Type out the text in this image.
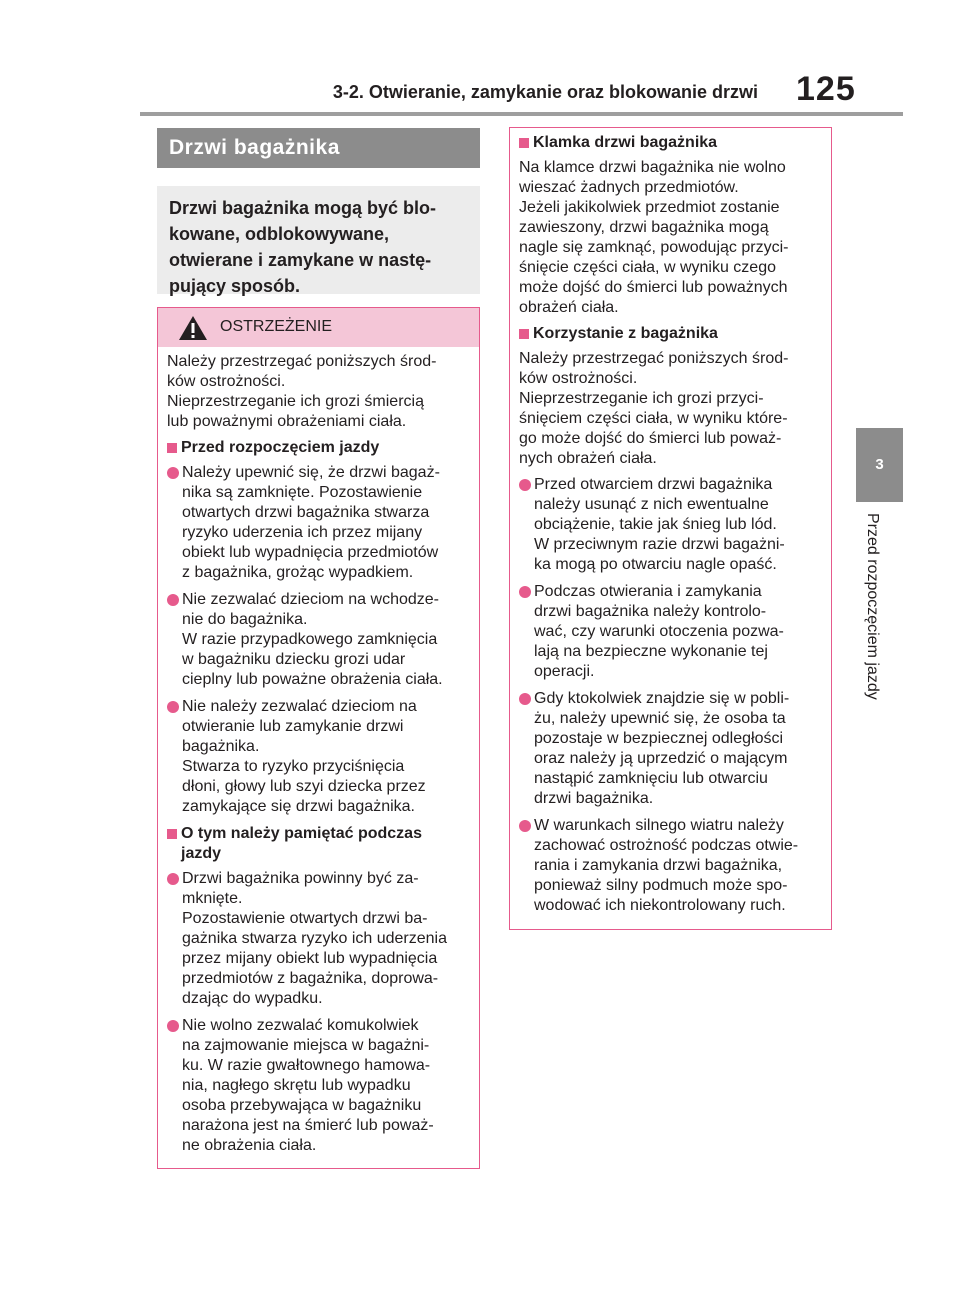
3-2. Otwieranie, zamykanie oraz blokowanie drzwi 125
3
Przed rozpoczęciem jazdy
Drzwi bagażnika
Drzwi bagażnika mogą być blo-
kowane, odblokowywane,
otwierane i zamykane w nastę-
pujący sposób.
OSTRZEŻENIE
Należy przestrzegać poniższych środ-
ków ostrożności.
Nieprzestrzeganie ich grozi śmiercią
lub poważnymi obrażeniami ciała.
Przed rozpoczęciem jazdy
Należy upewnić się, że drzwi bagaż-
nika są zamknięte. Pozostawienie
otwartych drzwi bagażnika stwarza
ryzyko uderzenia ich przez mijany
obiekt lub wypadnięcia przedmiotów
z bagażnika, grożąc wypadkiem.
Nie zezwalać dzieciom na wchodze-
nie do bagażnika.
W razie przypadkowego zamknięcia
w bagażniku dziecku grozi udar
cieplny lub poważne obrażenia ciała.
Nie należy zezwalać dzieciom na
otwieranie lub zamykanie drzwi
bagażnika.
Stwarza to ryzyko przyciśnięcia
dłoni, głowy lub szyi dziecka przez
zamykające się drzwi bagażnika.
O tym należy pamiętać podczas
jazdy
Drzwi bagażnika powinny być za-
mknięte.
Pozostawienie otwartych drzwi ba-
gażnika stwarza ryzyko ich uderzenia
przez mijany obiekt lub wypadnięcia
przedmiotów z bagażnika, doprowa-
dzając do wypadku.
Nie wolno zezwalać komukolwiek
na zajmowanie miejsca w bagażni-
ku. W razie gwałtownego hamowa-
nia, nagłego skrętu lub wypadku
osoba przebywająca w bagażniku
narażona jest na śmierć lub poważ-
ne obrażenia ciała.
Klamka drzwi bagażnika
Na klamce drzwi bagażnika nie wolno
wieszać żadnych przedmiotów.
Jeżeli jakikolwiek przedmiot zostanie
zawieszony, drzwi bagażnika mogą
nagle się zamknąć, powodując przyci-
śnięcie części ciała, w wyniku czego
może dojść do śmierci lub poważnych
obrażeń ciała.
Korzystanie z bagażnika
Należy przestrzegać poniższych środ-
ków ostrożności.
Nieprzestrzeganie ich grozi przyci-
śnięciem części ciała, w wyniku które-
go może dojść do śmierci lub poważ-
nych obrażeń ciała.
Przed otwarciem drzwi bagażnika
należy usunąć z nich ewentualne
obciążenie, takie jak śnieg lub lód.
W przeciwnym razie drzwi bagażni-
ka mogą po otwarciu nagle opaść.
Podczas otwierania i zamykania
drzwi bagażnika należy kontrolo-
wać, czy warunki otoczenia pozwa-
lają na bezpieczne wykonanie tej
operacji.
Gdy ktokolwiek znajdzie się w pobli-
żu, należy upewnić się, że osoba ta
pozostaje w bezpiecznej odległości
oraz należy ją uprzedzić o mającym
nastąpić zamknięciu lub otwarciu
drzwi bagażnika.
W warunkach silnego wiatru należy
zachować ostrożność podczas otwie-
rania i zamykania drzwi bagażnika,
ponieważ silny podmuch może spo-
wodować ich niekontrolowany ruch.
